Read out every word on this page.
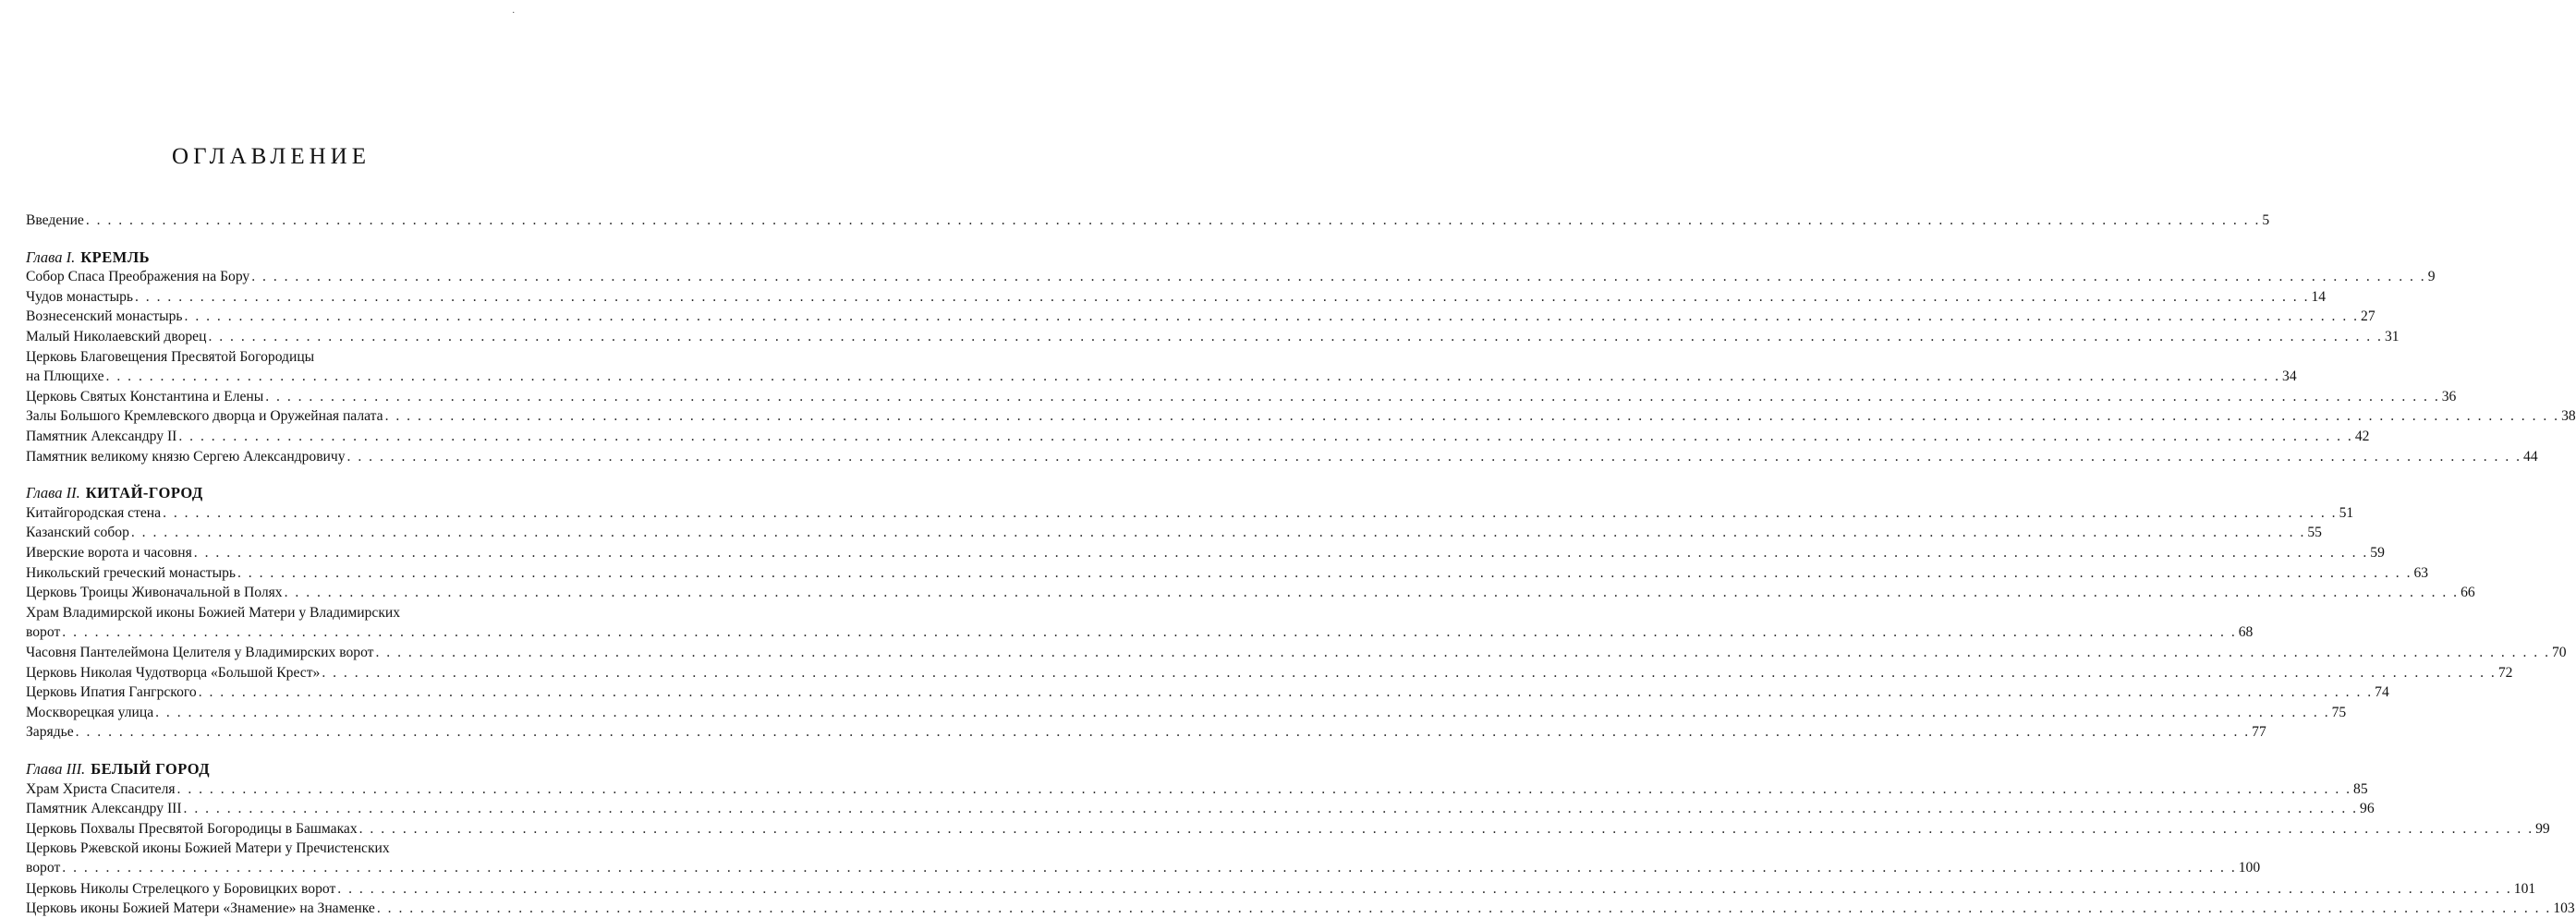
.
ОГЛАВЛЕНИЕ
Введение . . . . . . . . . . . . . . . . . . . . . . . . . . . . . . . . . . . . . . . . . . . . . . . . . . . . . . . . . . . . . . . . . . . . . . . . . . . . . . . . . . . . . . . . . . . . . . . . . . . . . . . . . . . . . . . . . . . . . . . . . . . . . . . . . . . . . . . . . . . . . . . . . . . . . . . . . . . . . . . . . . . . . . . . . . . . . . . . . . . . . . . . . . . . . . . . . . . . . . . . 5
Глава I. КРЕМЛЬ
Собор Спаса Преображения на Бору . . . . . . . . . . . . . . . . . . . . . . . . . . . . . . . . . . . . . . . . . . . . . . . . . . . . . . . . . . . . . . . . . . . . . . . . . . . . . . . . . . . . . . . . . . . . . . . . . . . . . . . . . . . . . . . . . . . . . . . . . . . . . . . . . . . . . . . . . . . . . . . . . . . . . . . . . . . . . . . . . . . . . . . . . . . . . . . . . . . . . . . . . . . . . . . . . . . . . . . . 9
Чудов монастырь . . . . . . . . . . . . . . . . . . . . . . . . . . . . . . . . . . . . . . . . . . . . . . . . . . . . . . . . . . . . . . . . . . . . . . . . . . . . . . . . . . . . . . . . . . . . . . . . . . . . . . . . . . . . . . . . . . . . . . . . . . . . . . . . . . . . . . . . . . . . . . . . . . . . . . . . . . . . . . . . . . . . . . . . . . . . . . . . . . . . . . . . . . . . . . . . . . . . . . . . 14
Вознесенский монастырь . . . . . . . . . . . . . . . . . . . . . . . . . . . . . . . . . . . . . . . . . . . . . . . . . . . . . . . . . . . . . . . . . . . . . . . . . . . . . . . . . . . . . . . . . . . . . . . . . . . . . . . . . . . . . . . . . . . . . . . . . . . . . . . . . . . . . . . . . . . . . . . . . . . . . . . . . . . . . . . . . . . . . . . . . . . . . . . . . . . . . . . . . . . . . . . . . . . . . . . . 27
Малый Николаевский дворец . . . . . . . . . . . . . . . . . . . . . . . . . . . . . . . . . . . . . . . . . . . . . . . . . . . . . . . . . . . . . . . . . . . . . . . . . . . . . . . . . . . . . . . . . . . . . . . . . . . . . . . . . . . . . . . . . . . . . . . . . . . . . . . . . . . . . . . . . . . . . . . . . . . . . . . . . . . . . . . . . . . . . . . . . . . . . . . . . . . . . . . . . . . . . . . . . . . . . . . . 31
Церковь Благовещения Пресвятой Богородицы
на Плющихе . . . . . . . . . . . . . . . . . . . . . . . . . . . . . . . . . . . . . . . . . . . . . . . . . . . . . . . . . . . . . . . . . . . . . . . . . . . . . . . . . . . . . . . . . . . . . . . . . . . . . . . . . . . . . . . . . . . . . . . . . . . . . . . . . . . . . . . . . . . . . . . . . . . . . . . . . . . . . . . . . . . . . . . . . . . . . . . . . . . . . . . . . . . . . . . . . . . . . . . . 34
Церковь Святых Константина и Елены . . . . . . . . . . . . . . . . . . . . . . . . . . . . . . . . . . . . . . . . . . . . . . . . . . . . . . . . . . . . . . . . . . . . . . . . . . . . . . . . . . . . . . . . . . . . . . . . . . . . . . . . . . . . . . . . . . . . . . . . . . . . . . . . . . . . . . . . . . . . . . . . . . . . . . . . . . . . . . . . . . . . . . . . . . . . . . . . . . . . . . . . . . . . . . . . . . . . . . . . 36
Залы Большого Кремлевского дворца и Оружейная палата . . . . . . . . . . . . . . . . . . . . . . . . . . . . . . . . . . . . . . . . . . . . . . . . . . . . . . . . . . . . . . . . . . . . . . . . . . . . . . . . . . . . . . . . . . . . . . . . . . . . . . . . . . . . . . . . . . . . . . . . . . . . . . . . . . . . . . . . . . . . . . . . . . . . . . . . . . . . . . . . . . . . . . . . . . . . . . . . . . . . . . . . . . . . . . . . . . . . . . . . 38
Памятник Александру II . . . . . . . . . . . . . . . . . . . . . . . . . . . . . . . . . . . . . . . . . . . . . . . . . . . . . . . . . . . . . . . . . . . . . . . . . . . . . . . . . . . . . . . . . . . . . . . . . . . . . . . . . . . . . . . . . . . . . . . . . . . . . . . . . . . . . . . . . . . . . . . . . . . . . . . . . . . . . . . . . . . . . . . . . . . . . . . . . . . . . . . . . . . . . . . . . . . . . . . . 42
Памятник великому князю Сергею Александровичу . . . . . . . . . . . . . . . . . . . . . . . . . . . . . . . . . . . . . . . . . . . . . . . . . . . . . . . . . . . . . . . . . . . . . . . . . . . . . . . . . . . . . . . . . . . . . . . . . . . . . . . . . . . . . . . . . . . . . . . . . . . . . . . . . . . . . . . . . . . . . . . . . . . . . . . . . . . . . . . . . . . . . . . . . . . . . . . . . . . . . . . . . . . . . . . . . . . . . . . . 44
Глава II. КИТАЙ-ГОРОД
Китайгородская стена . . . . . . . . . . . . . . . . . . . . . . . . . . . . . . . . . . . . . . . . . . . . . . . . . . . . . . . . . . . . . . . . . . . . . . . . . . . . . . . . . . . . . . . . . . . . . . . . . . . . . . . . . . . . . . . . . . . . . . . . . . . . . . . . . . . . . . . . . . . . . . . . . . . . . . . . . . . . . . . . . . . . . . . . . . . . . . . . . . . . . . . . . . . . . . . . . . . . . . . . 51
Казанский собор . . . . . . . . . . . . . . . . . . . . . . . . . . . . . . . . . . . . . . . . . . . . . . . . . . . . . . . . . . . . . . . . . . . . . . . . . . . . . . . . . . . . . . . . . . . . . . . . . . . . . . . . . . . . . . . . . . . . . . . . . . . . . . . . . . . . . . . . . . . . . . . . . . . . . . . . . . . . . . . . . . . . . . . . . . . . . . . . . . . . . . . . . . . . . . . . . . . . . . . . 55
Иверские ворота и часовня . . . . . . . . . . . . . . . . . . . . . . . . . . . . . . . . . . . . . . . . . . . . . . . . . . . . . . . . . . . . . . . . . . . . . . . . . . . . . . . . . . . . . . . . . . . . . . . . . . . . . . . . . . . . . . . . . . . . . . . . . . . . . . . . . . . . . . . . . . . . . . . . . . . . . . . . . . . . . . . . . . . . . . . . . . . . . . . . . . . . . . . . . . . . . . . . . . . . . . . . 59
Никольский греческий монастырь . . . . . . . . . . . . . . . . . . . . . . . . . . . . . . . . . . . . . . . . . . . . . . . . . . . . . . . . . . . . . . . . . . . . . . . . . . . . . . . . . . . . . . . . . . . . . . . . . . . . . . . . . . . . . . . . . . . . . . . . . . . . . . . . . . . . . . . . . . . . . . . . . . . . . . . . . . . . . . . . . . . . . . . . . . . . . . . . . . . . . . . . . . . . . . . . . . . . . . . . 63
Церковь Троицы Живоначальной в Полях . . . . . . . . . . . . . . . . . . . . . . . . . . . . . . . . . . . . . . . . . . . . . . . . . . . . . . . . . . . . . . . . . . . . . . . . . . . . . . . . . . . . . . . . . . . . . . . . . . . . . . . . . . . . . . . . . . . . . . . . . . . . . . . . . . . . . . . . . . . . . . . . . . . . . . . . . . . . . . . . . . . . . . . . . . . . . . . . . . . . . . . . . . . . . . . . . . . . . . . . 66
Храм Владимирской иконы Божией Матери у Владимирских
ворот . . . . . . . . . . . . . . . . . . . . . . . . . . . . . . . . . . . . . . . . . . . . . . . . . . . . . . . . . . . . . . . . . . . . . . . . . . . . . . . . . . . . . . . . . . . . . . . . . . . . . . . . . . . . . . . . . . . . . . . . . . . . . . . . . . . . . . . . . . . . . . . . . . . . . . . . . . . . . . . . . . . . . . . . . . . . . . . . . . . . . . . . . . . . . . . . . . . . . . . . 68
Часовня Пантелеймона Целителя у Владимирских ворот . . . . . . . . . . . . . . . . . . . . . . . . . . . . . . . . . . . . . . . . . . . . . . . . . . . . . . . . . . . . . . . . . . . . . . . . . . . . . . . . . . . . . . . . . . . . . . . . . . . . . . . . . . . . . . . . . . . . . . . . . . . . . . . . . . . . . . . . . . . . . . . . . . . . . . . . . . . . . . . . . . . . . . . . . . . . . . . . . . . . . . . . . . . . . . . . . . . . . . . . 70
Церковь Николая Чудотворца «Большой Крест» . . . . . . . . . . . . . . . . . . . . . . . . . . . . . . . . . . . . . . . . . . . . . . . . . . . . . . . . . . . . . . . . . . . . . . . . . . . . . . . . . . . . . . . . . . . . . . . . . . . . . . . . . . . . . . . . . . . . . . . . . . . . . . . . . . . . . . . . . . . . . . . . . . . . . . . . . . . . . . . . . . . . . . . . . . . . . . . . . . . . . . . . . . . . . . . . . . . . . . . . 72
Церковь Ипатия Гангрского . . . . . . . . . . . . . . . . . . . . . . . . . . . . . . . . . . . . . . . . . . . . . . . . . . . . . . . . . . . . . . . . . . . . . . . . . . . . . . . . . . . . . . . . . . . . . . . . . . . . . . . . . . . . . . . . . . . . . . . . . . . . . . . . . . . . . . . . . . . . . . . . . . . . . . . . . . . . . . . . . . . . . . . . . . . . . . . . . . . . . . . . . . . . . . . . . . . . . . . . 74
Москворецкая улица . . . . . . . . . . . . . . . . . . . . . . . . . . . . . . . . . . . . . . . . . . . . . . . . . . . . . . . . . . . . . . . . . . . . . . . . . . . . . . . . . . . . . . . . . . . . . . . . . . . . . . . . . . . . . . . . . . . . . . . . . . . . . . . . . . . . . . . . . . . . . . . . . . . . . . . . . . . . . . . . . . . . . . . . . . . . . . . . . . . . . . . . . . . . . . . . . . . . . . . . 75
Зарядье . . . . . . . . . . . . . . . . . . . . . . . . . . . . . . . . . . . . . . . . . . . . . . . . . . . . . . . . . . . . . . . . . . . . . . . . . . . . . . . . . . . . . . . . . . . . . . . . . . . . . . . . . . . . . . . . . . . . . . . . . . . . . . . . . . . . . . . . . . . . . . . . . . . . . . . . . . . . . . . . . . . . . . . . . . . . . . . . . . . . . . . . . . . . . . . . . . . . . . . . 77
Глава III. БЕЛЫЙ ГОРОД
Храм Христа Спасителя . . . . . . . . . . . . . . . . . . . . . . . . . . . . . . . . . . . . . . . . . . . . . . . . . . . . . . . . . . . . . . . . . . . . . . . . . . . . . . . . . . . . . . . . . . . . . . . . . . . . . . . . . . . . . . . . . . . . . . . . . . . . . . . . . . . . . . . . . . . . . . . . . . . . . . . . . . . . . . . . . . . . . . . . . . . . . . . . . . . . . . . . . . . . . . . . . . . . . . . . 85
Памятник Александру III . . . . . . . . . . . . . . . . . . . . . . . . . . . . . . . . . . . . . . . . . . . . . . . . . . . . . . . . . . . . . . . . . . . . . . . . . . . . . . . . . . . . . . . . . . . . . . . . . . . . . . . . . . . . . . . . . . . . . . . . . . . . . . . . . . . . . . . . . . . . . . . . . . . . . . . . . . . . . . . . . . . . . . . . . . . . . . . . . . . . . . . . . . . . . . . . . . . . . . . . 96
Церковь Похвалы Пресвятой Богородицы в Башмаках . . . . . . . . . . . . . . . . . . . . . . . . . . . . . . . . . . . . . . . . . . . . . . . . . . . . . . . . . . . . . . . . . . . . . . . . . . . . . . . . . . . . . . . . . . . . . . . . . . . . . . . . . . . . . . . . . . . . . . . . . . . . . . . . . . . . . . . . . . . . . . . . . . . . . . . . . . . . . . . . . . . . . . . . . . . . . . . . . . . . . . . . . . . . . . . . . . . . . . . . 99
Церковь Ржевской иконы Божией Матери у Пречистенских
ворот . . . . . . . . . . . . . . . . . . . . . . . . . . . . . . . . . . . . . . . . . . . . . . . . . . . . . . . . . . . . . . . . . . . . . . . . . . . . . . . . . . . . . . . . . . . . . . . . . . . . . . . . . . . . . . . . . . . . . . . . . . . . . . . . . . . . . . . . . . . . . . . . . . . . . . . . . . . . . . . . . . . . . . . . . . . . . . . . . . . . . . . . . . . . . . . . . . . . . . . . 100
Церковь Николы Стрелецкого у Боровицких ворот . . . . . . . . . . . . . . . . . . . . . . . . . . . . . . . . . . . . . . . . . . . . . . . . . . . . . . . . . . . . . . . . . . . . . . . . . . . . . . . . . . . . . . . . . . . . . . . . . . . . . . . . . . . . . . . . . . . . . . . . . . . . . . . . . . . . . . . . . . . . . . . . . . . . . . . . . . . . . . . . . . . . . . . . . . . . . . . . . . . . . . . . . . . . . . . . . . . . . . . . 101
Церковь иконы Божией Матери «Знамение» на Знаменке . . . . . . . . . . . . . . . . . . . . . . . . . . . . . . . . . . . . . . . . . . . . . . . . . . . . . . . . . . . . . . . . . . . . . . . . . . . . . . . . . . . . . . . . . . . . . . . . . . . . . . . . . . . . . . . . . . . . . . . . . . . . . . . . . . . . . . . . . . . . . . . . . . . . . . . . . . . . . . . . . . . . . . . . . . . . . . . . . . . . . . . . . . . . . . . . . . . . . . . . 103
